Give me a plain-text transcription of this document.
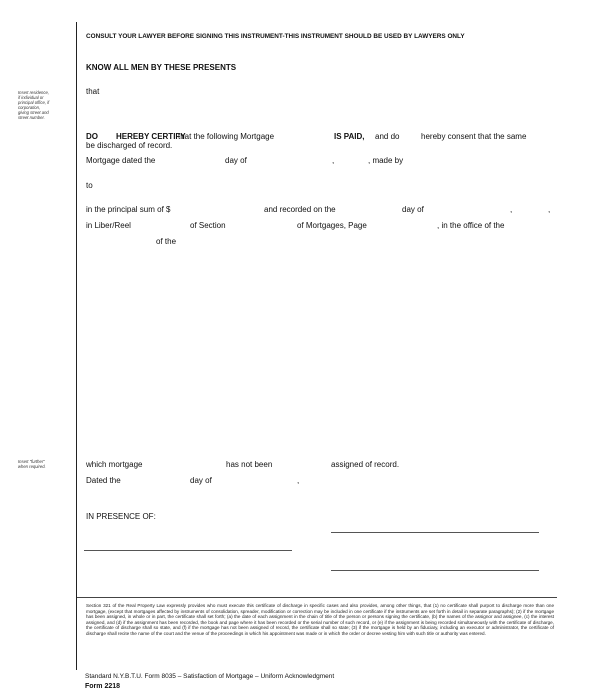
CONSULT YOUR LAWYER BEFORE SIGNING THIS INSTRUMENT-THIS INSTRUMENT SHOULD BE USED BY LAWYERS ONLY
KNOW ALL MEN BY THESE PRESENTS
that
Insert residence,
if individual or
principal office, if
corporation,
giving street and
street number.
DO HEREBY CERTIFY
that the following Mortgage	IS PAID, and do	hereby consent that the same
be discharged of record.
Mortgage dated the	day of	,	, made by
to
in the principal sum of $	and recorded on the	day of	,	,
in Liber/Reel	of Section	of Mortgages, Page	, in the office of the
of the
Insert "further"
when required.	which mortgage	has not been	assigned of record.
Dated the	day of	,
IN PRESENCE OF:
Section 321 of the Real Property Law expressly provides who must execute this certificate of discharge in specific cases and also provides, among other things, that (1) no certificate shall purport to discharge more than one mortgage, (except that mortgages affected by instruments of consolidation, spreader, modification or correction may be included in one certificate if the instruments are set forth in detail in separate paragraphs); (2) if the mortgage has been assigned, in whole or in part, the certificate shall set forth; (a) the date of each assignment in the chain of title of the person or persons signing the certificate, (b) the names of the assignor and assignee, (c) the interest assigned, and (d) if the assignment has been recorded, the book and page where it has been recorded or the serial number of such record, or (e) if the assignment is being recorded simultaneously with the certificate of discharge, the certificate of discharge shall so state, and (f) if the mortgage has not been assigned of record, the certificate shall so state; (3) if the mortgage is held by an fiduciary, including an executor or administrator, the certificate of discharge shall recite the name of the court and the venue of the proceedings in which his appointment was made or in which the order or decree vesting him with such title or authority was entered.
Standard N.Y.B.T.U. Form 8035 – Satisfaction of Mortgage – Uniform Acknowledgment
Form 2218
